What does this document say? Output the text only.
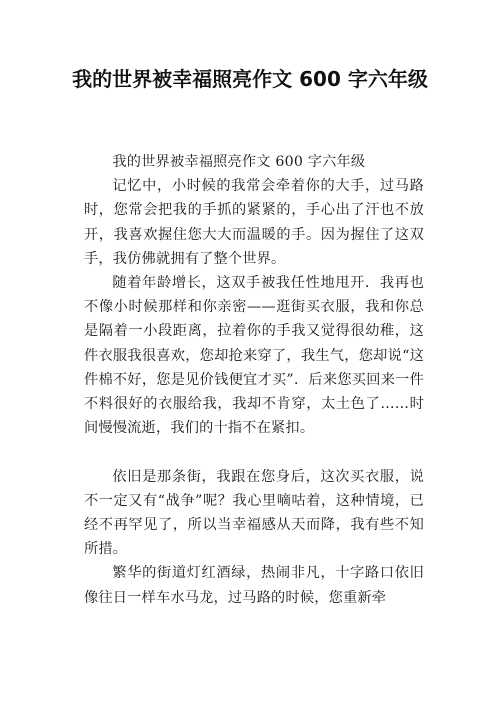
我的世界被幸福照亮作文 600 字六年级

我的世界被幸福照亮作文 600 字六年级

记忆中，小时候的我常会牵着你的大手，过马路时，您常会把我的手抓的紧紧的，手心出了汗也不放开，我喜欢握住您大大而温暖的手。因为握住了这双手，我仿佛就拥有了整个世界。

随着年龄增长，这双手被我任性地甩开．我再也不像小时候那样和你亲密——逛街买衣服，我和你总是隔着一小段距离，拉着你的手我又觉得很幼稚，这件衣服我很喜欢，您却抢来穿了，我生气，您却说“这件棉不好，您是见价钱便宜才买”．后来您买回来一件不料很好的衣服给我，我却不肯穿，太土色了……时间慢慢流逝，我们的十指不在紧扣。

依旧是那条街，我跟在您身后，这次买衣服，说不一定又有“战争”呢？我心里嘀咕着，这种情境，已经不再罕见了，所以当幸福感从天而降，我有些不知所措。

繁华的街道灯红酒绿，热闹非凡，十字路口依旧像往日一样车水马龙，过马路的时候，您重新牵
